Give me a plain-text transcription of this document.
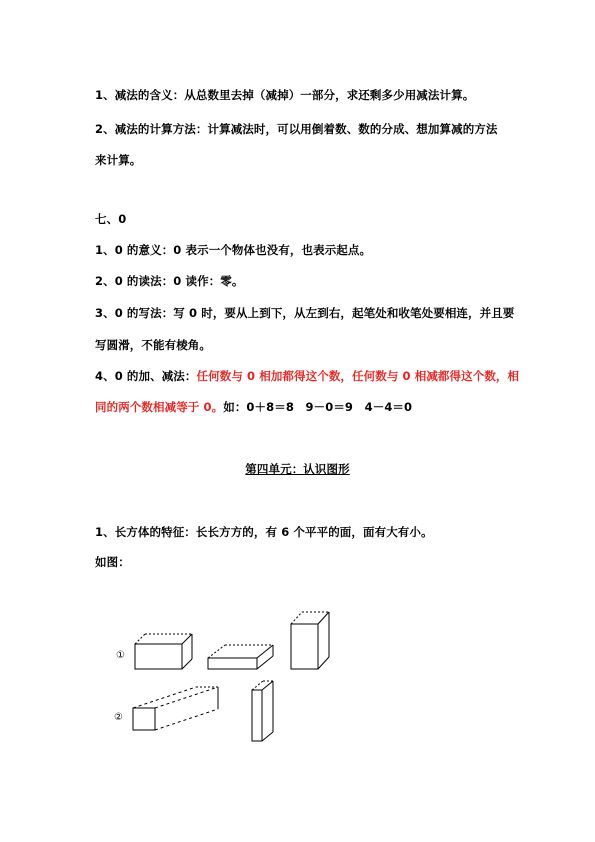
1、减法的含义：从总数里去掉（减掉）一部分，求还剩多少用减法计算。
2、减法的计算方法：计算减法时，可以用倒着数、数的分成、想加算减的方法
来计算。
七、0
1、0 的意义：0 表示一个物体也没有，也表示起点。
2、0 的读法：0 读作：零。
3、0 的写法：写 0 时，要从上到下，从左到右，起笔处和收笔处要相连，并且要
写圆滑，不能有棱角。
4、0 的加、减法：任何数与 0 相加都得这个数，任何数与 0 相减都得这个数，相
同的两个数相减等于 0。如：0＋8＝8　9－0＝9　4－4＝0
第四单元：认识图形
1、长方体的特征：长长方方的，有 6 个平平的面，面有大有小。
如图：
①
②
